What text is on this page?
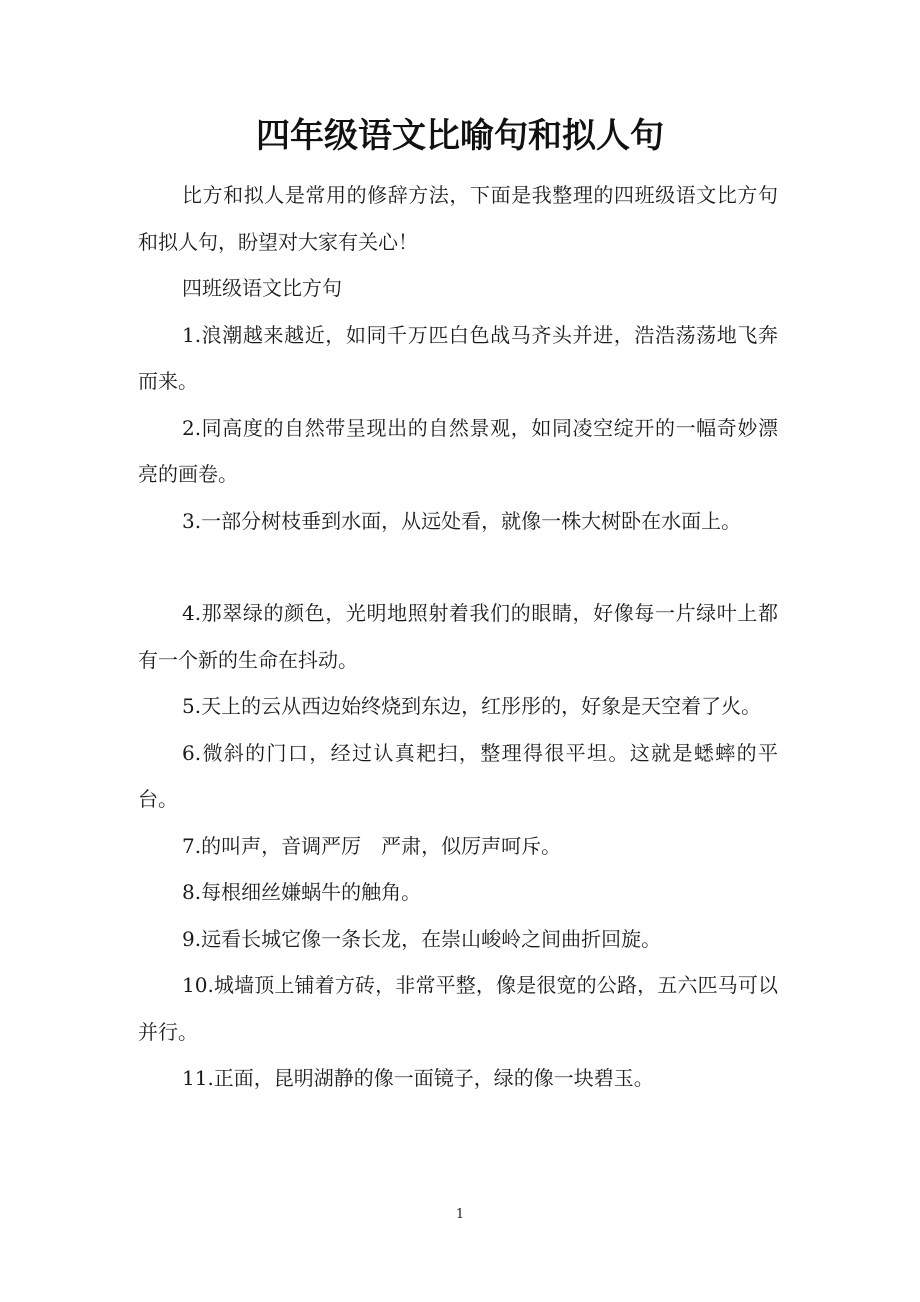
四年级语文比喻句和拟人句

比方和拟人是常用的修辞方法，下面是我整理的四班级语文比方句和拟人句，盼望对大家有关心！

四班级语文比方句

1.浪潮越来越近，如同千万匹白色战马齐头并进，浩浩荡荡地飞奔而来。

2.同高度的自然带呈现出的自然景观，如同凌空绽开的一幅奇妙漂亮的画卷。

3.一部分树枝垂到水面，从远处看，就像一株大树卧在水面上。

4.那翠绿的颜色，光明地照射着我们的眼睛，好像每一片绿叶上都有一个新的生命在抖动。

5.天上的云从西边始终烧到东边，红彤彤的，好象是天空着了火。

6.微斜的门口，经过认真耙扫，整理得很平坦。这就是蟋蟀的平台。

7.的叫声，音调严厉　严肃，似厉声呵斥。

8.每根细丝嫌蜗牛的触角。

9.远看长城它像一条长龙，在崇山峻岭之间曲折回旋。

10.城墙顶上铺着方砖，非常平整，像是很宽的公路，五六匹马可以并行。

11.正面，昆明湖静的像一面镜子，绿的像一块碧玉。

1
